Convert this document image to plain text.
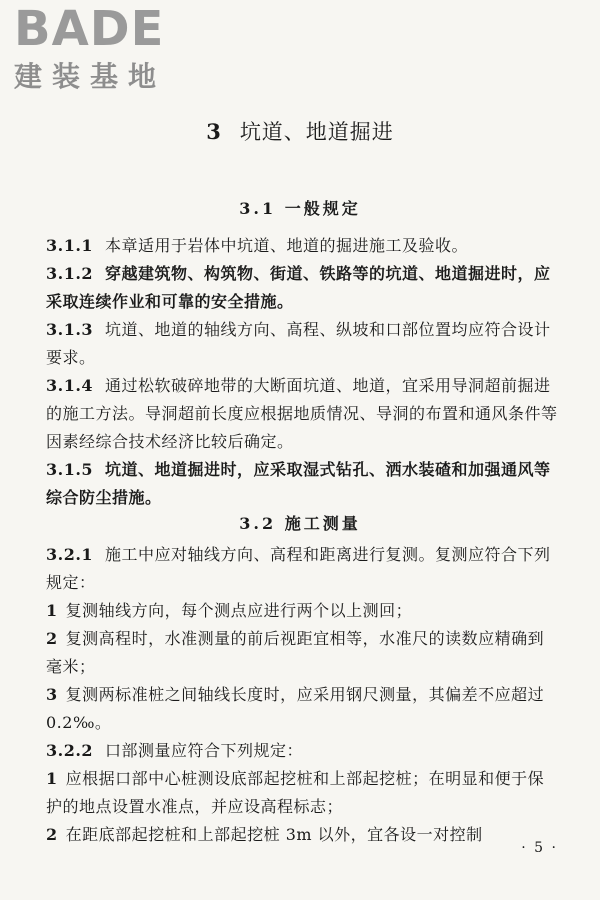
BADE
建装基地
3 坑道、地道掘进
3.1 一般规定

3.1.1 本章适用于岩体中坑道、地道的掘进施工及验收。

3.1.2 穿越建筑物、构筑物、街道、铁路等的坑道、地道掘进时，应采取连续作业和可靠的安全措施。

3.1.3 坑道、地道的轴线方向、高程、纵坡和口部位置均应符合设计要求。

3.1.4 通过松软破碎地带的大断面坑道、地道，宜采用导洞超前掘进的施工方法。导洞超前长度应根据地质情况、导洞的布置和通风条件等因素经综合技术经济比较后确定。

3.1.5 坑道、地道掘进时，应采取湿式钻孔、洒水装碴和加强通风等综合防尘措施。

3.2 施工测量

3.2.1 施工中应对轴线方向、高程和距离进行复测。复测应符合下列规定：

1 复测轴线方向，每个测点应进行两个以上测回；

2 复测高程时，水准测量的前后视距宜相等，水准尺的读数应精确到毫米；

3 复测两标准桩之间轴线长度时，应采用钢尺测量，其偏差不应超过0.2‰。

3.2.2 口部测量应符合下列规定：

1 应根据口部中心桩测设底部起挖桩和上部起挖桩；在明显和便于保护的地点设置水准点，并应设高程标志；

2 在距底部起挖桩和上部起挖桩 3m 以外，宜各设一对控制

· 5 ·
